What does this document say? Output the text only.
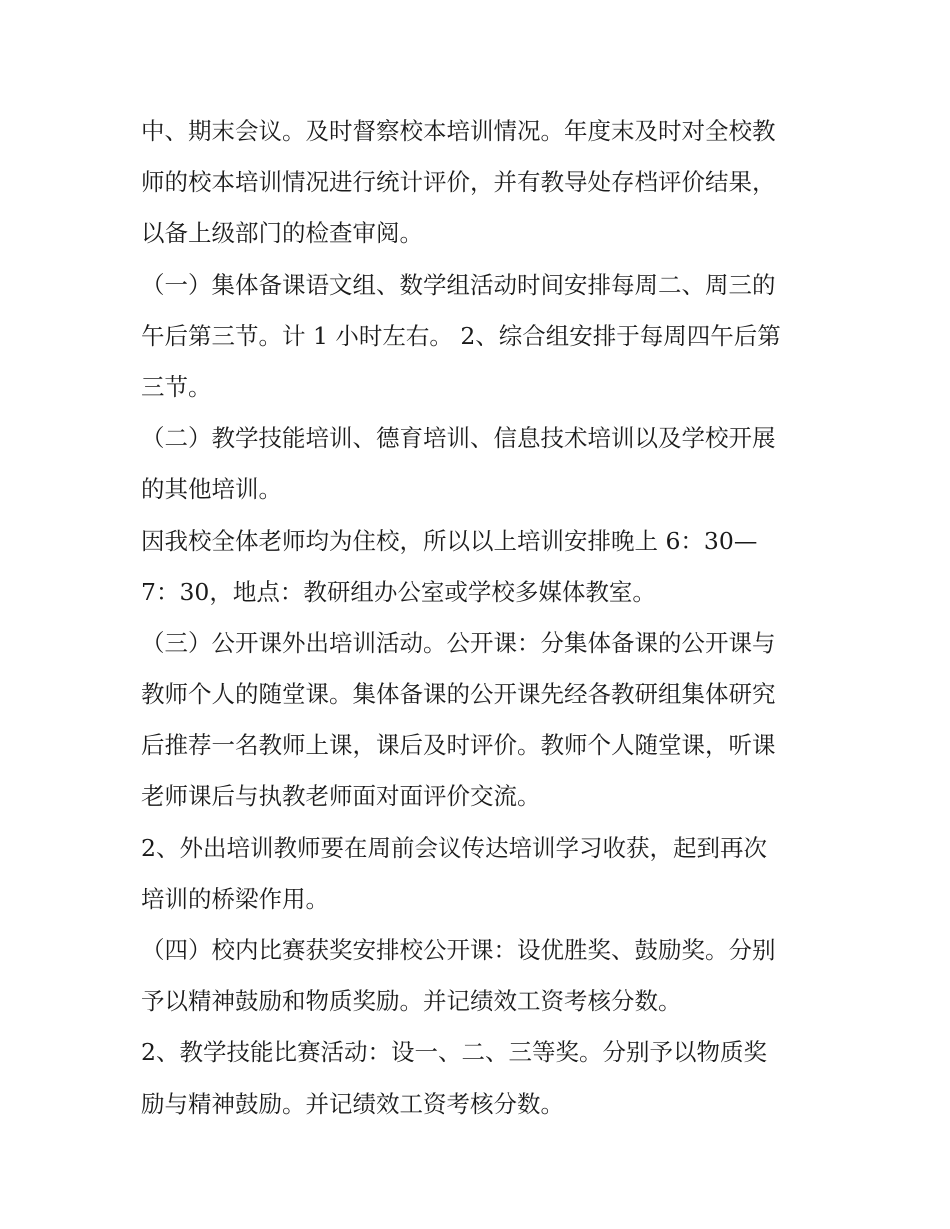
中、期末会议。及时督察校本培训情况。年度末及时对全校教
师的校本培训情况进行统计评价，并有教导处存档评价结果，
以备上级部门的检查审阅。
（一）集体备课语文组、数学组活动时间安排每周二、周三的
午后第三节。计 1 小时左右。 2、综合组安排于每周四午后第
三节。
（二）教学技能培训、德育培训、信息技术培训以及学校开展
的其他培训。
因我校全体老师均为住校，所以以上培训安排晚上 6：30—
7：30，地点：教研组办公室或学校多媒体教室。
（三）公开课外出培训活动。公开课：分集体备课的公开课与
教师个人的随堂课。集体备课的公开课先经各教研组集体研究
后推荐一名教师上课，课后及时评价。教师个人随堂课，听课
老师课后与执教老师面对面评价交流。
2、外出培训教师要在周前会议传达培训学习收获，起到再次
培训的桥梁作用。
（四）校内比赛获奖安排校公开课：设优胜奖、鼓励奖。分别
予以精神鼓励和物质奖励。并记绩效工资考核分数。
2、教学技能比赛活动：设一、二、三等奖。分别予以物质奖
励与精神鼓励。并记绩效工资考核分数。
